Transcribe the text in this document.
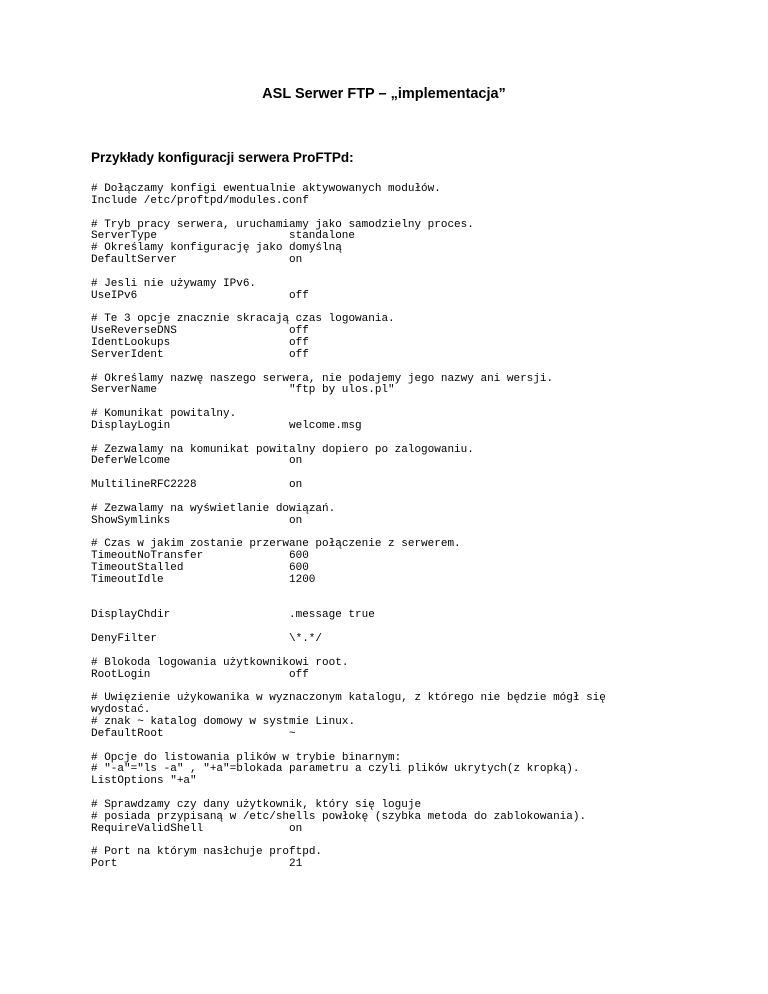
ASL Serwer FTP – „implementacja”
Przykłady konfiguracji serwera ProFTPd:
# Dołączamy konfigi ewentualnie aktywowanych modułów.
Include /etc/proftpd/modules.conf
# Tryb pracy serwera, uruchamiamy jako samodzielny proces.
ServerType	standalone
# Określamy konfigurację jako domyślną
DefaultServer	on
# Jesli nie używamy IPv6.
UseIPv6	off
# Te 3 opcje znacznie skracają czas logowania.
UseReverseDNS	off
IdentLookups	off
ServerIdent	off
# Określamy nazwę naszego serwera, nie podajemy jego nazwy ani wersji.
ServerName	"ftp by ulos.pl"
# Komunikat powitalny.
DisplayLogin	welcome.msg
# Zezwalamy na komunikat powitalny dopiero po zalogowaniu.
DeferWelcome	on
MultilineRFC2228	on
# Zezwalamy na wyświetlanie dowiązań.
ShowSymlinks	on
# Czas w jakim zostanie przerwane połączenie z serwerem.
TimeoutNoTransfer	600
TimeoutStalled	600
TimeoutIdle	1200
DisplayChdir	.message true
DenyFilter	\*.*/
# Blokoda logowania użytkownikowi root.
RootLogin	off
# Uwięzienie użykowanika w wyznaczonym katalogu, z którego nie będzie mógł się
wydostać.
# znak ~ katalog domowy w systmie Linux.
DefaultRoot	~
# Opcje do listowania plików w trybie binarnym:
# "-a"="ls -a" , "+a"=blokada parametru a czyli plików ukrytych(z kropką).
ListOptions "+a"
# Sprawdzamy czy dany użytkownik, który się loguje
# posiada przypisaną w /etc/shells powłokę (szybka metoda do zablokowania).
RequireValidShell	on
# Port na którym nasłchuje proftpd.
Port	21
